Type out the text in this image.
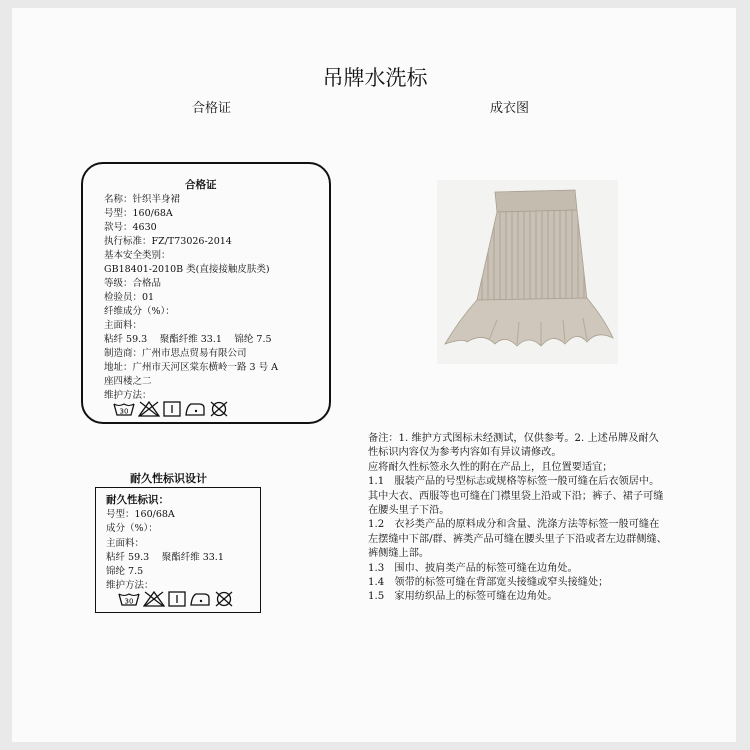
吊牌水洗标
合格证	成衣图
合格证
名称：针织半身裙
号型：160/68A
款号：4630
执行标准：FZ/T73026-2014
基本安全类别：
GB18401-2010B 类(直接接触皮肤类)
等级：合格品
检验员：01
纤维成分（%）：
主面料：
粘纤 59.3　 聚酯纤维 33.1　 锦纶 7.5
制造商：广州市思点贸易有限公司
地址：广州市天河区棠东横岭一路 3 号 A
座四楼之二
维护方法：
30
耐久性标识设计
耐久性标识：
号型：160/68A
成分（%）：
主面料：
粘纤 59.3　 聚酯纤维 33.1
锦纶 7.5
维护方法：
30

备注：1. 维护方式图标未经测试，仅供参考。2. 上述吊牌及耐久性标识内容仅为参考内容如有异议请修改。

应将耐久性标签永久性的附在产品上，且位置要适宜；

1.1　服装产品的号型标志或规格等标签一般可缝在后衣领居中。其中大衣、西服等也可缝在门襟里袋上沿或下沿；裤子、裙子可缝在腰头里子下沿。

1.2　衣衫类产品的原料成分和含量、洗涤方法等标签一般可缝在左摆缝中下部/群、裤类产品可缝在腰头里子下沿或者左边群侧缝、裤侧缝上部。

1.3　围巾、披肩类产品的标签可缝在边角处。

1.4　领带的标签可缝在背部宽头接缝或窄头接缝处；

1.5　家用纺织品上的标签可缝在边角处。
